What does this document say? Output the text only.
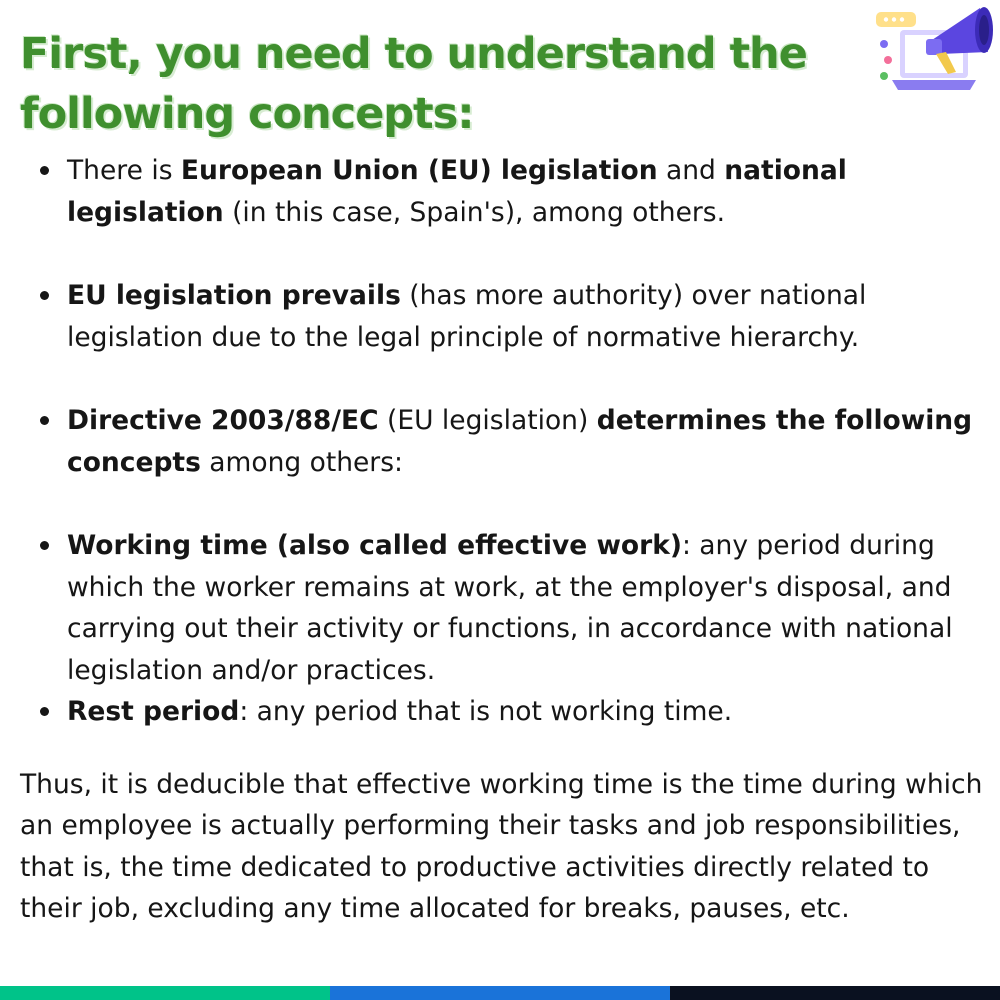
First, you need to understand the following concepts:
There is European Union (EU) legislation and national legislation (in this case, Spain's), among others.
EU legislation prevails (has more authority) over national legislation due to the legal principle of normative hierarchy.
Directive 2003/88/EC (EU legislation) determines the following concepts among others:
Working time (also called effective work): any period during which the worker remains at work, at the employer's disposal, and carrying out their activity or functions, in accordance with national legislation and/or practices.
Rest period: any period that is not working time.

Thus, it is deducible that effective working time is the time during which an employee is actually performing their tasks and job responsibilities, that is, the time dedicated to productive activities directly related to their job, excluding any time allocated for breaks, pauses, etc.
